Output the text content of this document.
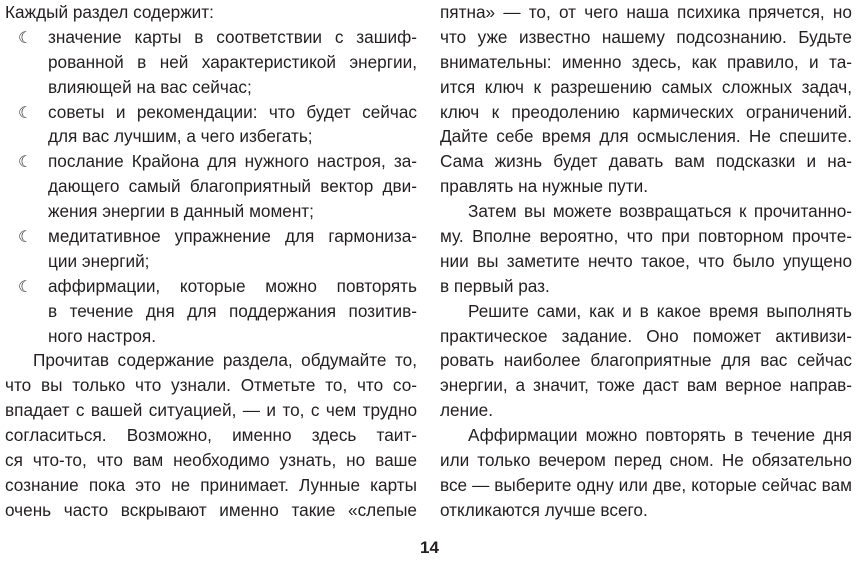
Каждый раздел содержит:
☾ значение карты в соответствии с зашиф-
рованной в ней характеристикой энергии,
влияющей на вас сейчас;
☾ советы и рекомендации: что будет сейчас
для вас лучшим, а чего избегать;
☾ послание Крайона для нужного настроя, за-
дающего самый благоприятный вектор дви-
жения энергии в данный момент;
☾ медитативное упражнение для гармониза-
ции энергий;
☾ аффирмации, которые можно повторять
в течение дня для поддержания позитив-
ного настроя.
Прочитав содержание раздела, обдумайте то,
что вы только что узнали. Отметьте то, что со-
впадает с вашей ситуацией, — и то, с чем трудно
согласиться. Возможно, именно здесь таит-
ся что-то, что вам необходимо узнать, но ваше
сознание пока это не принимает. Лунные карты
очень часто вскрывают именно такие «слепые
пятна» — то, от чего наша психика прячется, но
что уже известно нашему подсознанию. Будьте
внимательны: именно здесь, как правило, и та-
ится ключ к разрешению самых сложных задач,
ключ к преодолению кармических ограничений.
Дайте себе время для осмысления. Не спешите.
Сама жизнь будет давать вам подсказки и на-
правлять на нужные пути.
Затем вы можете возвращаться к прочитанно-
му. Вполне вероятно, что при повторном прочте-
нии вы заметите нечто такое, что было упущено
в первый раз.
Решите сами, как и в какое время выполнять
практическое задание. Оно поможет активизи-
ровать наиболее благоприятные для вас сейчас
энергии, а значит, тоже даст вам верное направ-
ление.
Аффирмации можно повторять в течение дня
или только вечером перед сном. Не обязательно
все — выберите одну или две, которые сейчас вам
откликаются лучше всего.
14
